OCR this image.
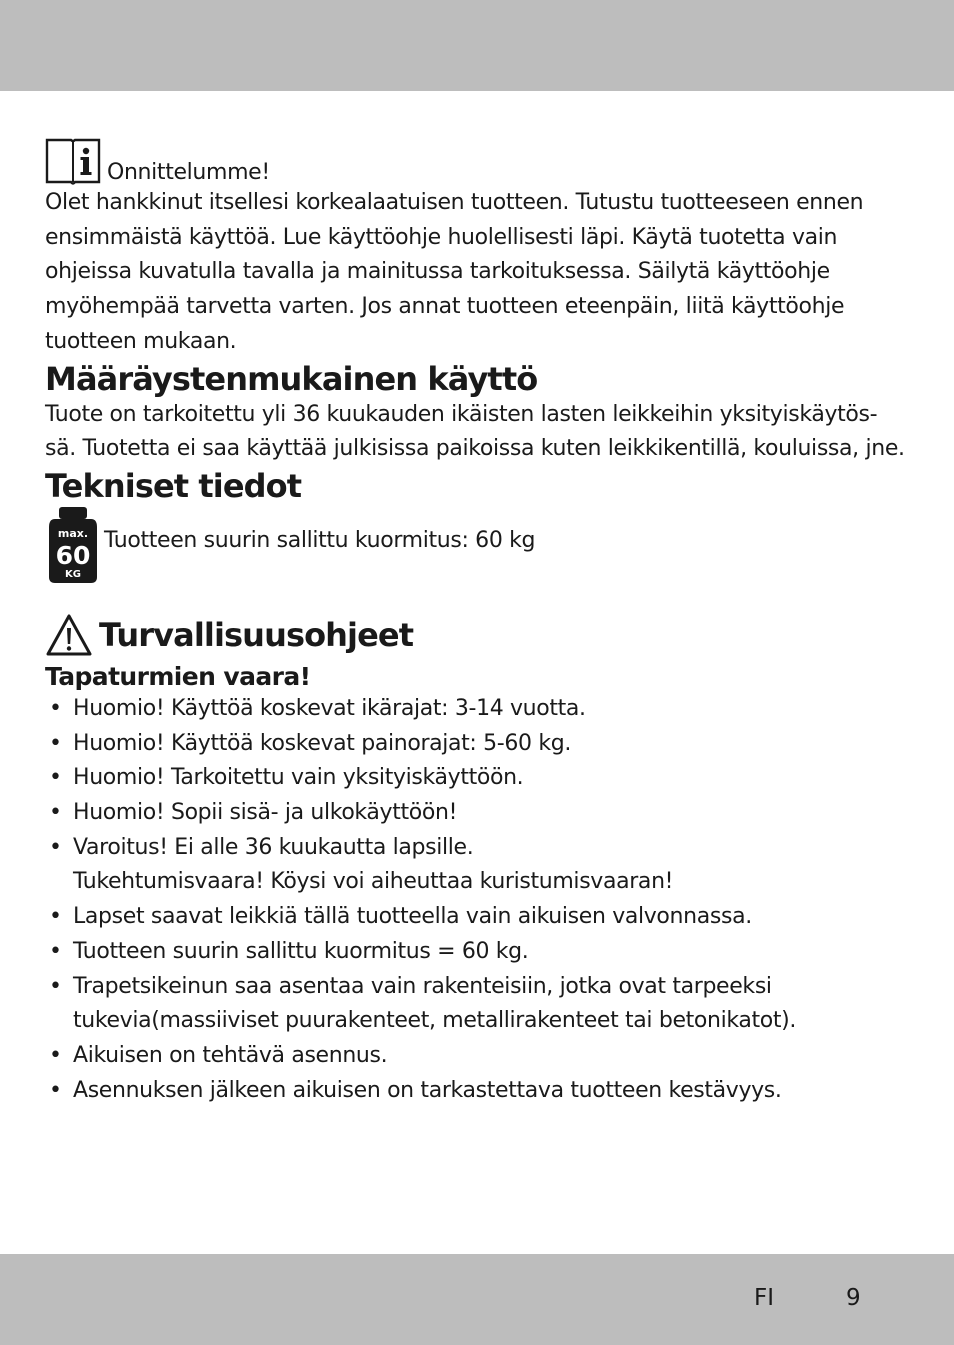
Onnittelumme!

Olet hankkinut itsellesi korkealaatuisen tuotteen. Tutustu tuotteeseen ennen ensimmäistä käyttöä. Lue käyttöohje huolellisesti läpi. Käytä tuotetta vain ohjeissa kuvatulla tavalla ja mainitussa tarkoituksessa. Säilytä käyttöohje myöhempää tarvetta varten. Jos annat tuotteen eteenpäin, liitä käyttöohje tuotteen mukaan.

Määräystenmukainen käyttö

Tuote on tarkoitettu yli 36 kuukauden ikäisten lasten leikkeihin yksityiskäytös-sä. Tuotetta ei saa käyttää julkisissa paikoissa kuten leikkikentillä, kouluissa, jne.

Tekniset tiedot
max.
60
KG
Tuotteen suurin sallittu kuormitus: 60 kg
Turvallisuusohjeet
Tapaturmien vaara!
• Huomio! Käyttöä koskevat ikärajat: 3-14 vuotta.
• Huomio! Käyttöä koskevat painorajat: 5-60 kg.
• Huomio! Tarkoitettu vain yksityiskäyttöön.
• Huomio! Sopii sisä- ja ulkokäyttöön!
• Varoitus! Ei alle 36 kuukautta lapsille.
Tukehtumisvaara! Köysi voi aiheuttaa kuristumisvaaran!
• Lapset saavat leikkiä tällä tuotteella vain aikuisen valvonnassa.
• Tuotteen suurin sallittu kuormitus = 60 kg.
• Trapetsikeinun saa asentaa vain rakenteisiin, jotka ovat tarpeeksi
tukevia(massiiviset puurakenteet, metallirakenteet tai betonikatot).
• Aikuisen on tehtävä asennus.
• Asennuksen jälkeen aikuisen on tarkastettava tuotteen kestävyys.
FI	9
